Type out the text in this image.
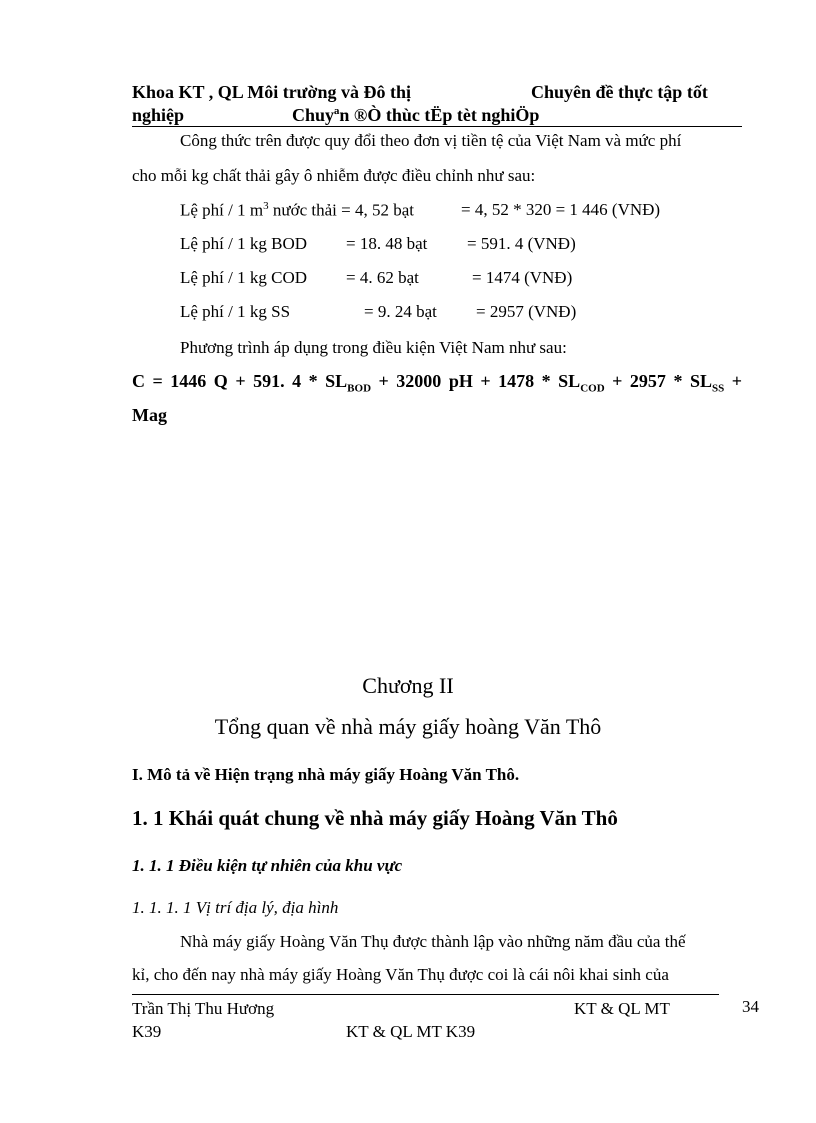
Khoa KT , QL Môi trường và Đô thị	Chuyên đề thực tập tốt
nghiệp	Chuyªn ®Ò thùc tËp tèt nghiÖp
Công thức trên được quy đổi theo đơn vị tiền tệ của Việt Nam và mức phí
cho mỗi kg chất thải gây ô nhiễm được điều chỉnh như sau:
Lệ phí / 1 $m^3$ nước thải = 4, 52 bạt	= 4, 52 * 320 = 1 446 (VNĐ)
Lệ phí / 1 kg BOD = 18. 48 bạt = 591. 4 (VNĐ)
Lệ phí / 1 kg COD = 4. 62 bạt	= 1474 (VNĐ)
Lệ phí / 1 kg SS	= 9. 24 bạt = 2957 (VNĐ)
Phương trình áp dụng trong điều kiện Việt Nam như sau:
C = 1446 Q + 591. $4 * SL_{BOD} + 32000$ pH + $1478 * SL_{COD} + 2957 * SL_{SS}$ +
Mag
Chương II
Tổng quan về nhà máy giấy hoàng Văn Thô
I. Mô tả về Hiện trạng nhà máy giấy Hoàng Văn Thô.
1. 1 Khái quát chung về nhà máy giấy Hoàng Văn Thô
1. 1. 1 Điều kiện tự nhiên của khu vực
1. 1. 1. 1 Vị trí địa lý, địa hình
Nhà máy giấy Hoàng Văn Thụ được thành lập vào những năm đầu của thế
kỉ, cho đến nay nhà máy giấy Hoàng Văn Thụ được coi là cái nôi khai sinh của
Trần Thị Thu Hương	KT & QL MT	34
K39	KT & QL MT K39
